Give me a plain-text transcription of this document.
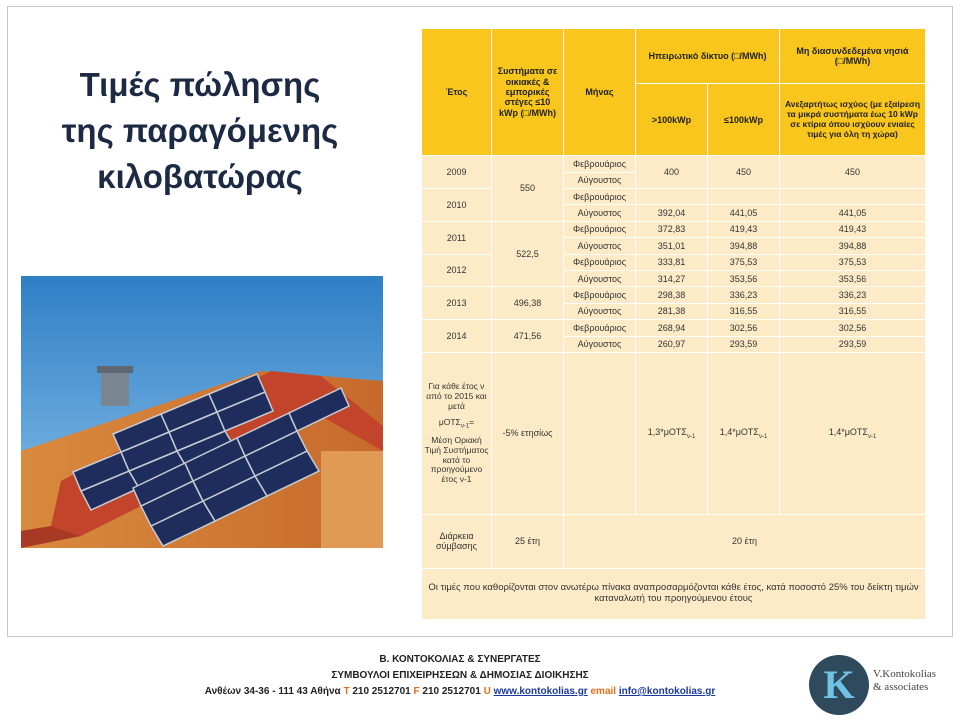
Τιμές πώλησης
της παραγόμενης
κιλοβατώρας
Έτος	Συστήματα σε οικιακές & εμπορικές στέγες ≤10 kWp (□/MWh)	Μήνας	Ηπειρωτικό δίκτυο (□/MWh)		Μη διασυνδεδεμένα νησιά (□/MWh)
			>100kWp	≤100kWp	Ανεξαρτήτως ισχύος (με εξαίρεση τα μικρά συστήματα έως 10 kWp σε κτίρια όπου ισχύουν ενιαίες τιμές για όλη τη χώρα)
2009	550	Φεβρουάριος	400	450	450
		Αύγουστος			
2010		Φεβρουάριος			
		Αύγουστος	392,04	441,05	441,05
2011	522,5	Φεβρουάριος	372,83	419,43	419,43
		Αύγουστος	351,01	394,88	394,88
2012		Φεβρουάριος	333,81	375,53	375,53
		Αύγουστος	314,27	353,56	353,56
2013	496,38	Φεβρουάριος	298,38	336,23	336,23
		Αύγουστος	281,38	316,55	316,55
2014	471,56	Φεβρουάριος	268,94	302,56	302,56
		Αύγουστος	260,97	293,59	293,59

Για κάθε έτος ν από το 2015 και μετά
μΟΤΣ$_{\nu-1}$=
Μέση Οριακή Τιμή Συστήματος κατά το προηγούμενο έτος ν-1	-5% ετησίως		1,3*μΟΤΣ$_{\nu-1}$	1,4*μΟΤΣ$_{\nu-1}$	1,4*μΟΤΣ$_{\nu-1}$
Διάρκεια σύμβασης	25 έτη	20 έτη			
Οι τιμές που καθορίζονται στον ανωτέρω πίνακα αναπροσαρμόζονται κάθε έτος, κατά ποσοστό 25% του δείκτη τιμών καταναλωτή του προηγούμενου έτους					
Β. ΚΟΝΤΟΚΟΛΙΑΣ & ΣΥΝΕΡΓΑΤΕΣ
ΣΥΜΒΟΥΛΟΙ ΕΠΙΧΕΙΡΗΣΕΩΝ & ΔΗΜΟΣΙΑΣ ΔΙΟΙΚΗΣΗΣ
Ανθέων 34-36 - 111 43 Αθήνα T 210 2512701 F 210 2512701 U www.kontokolias.gr email info@kontokolias.gr	K V.Kontokolias
& associates
